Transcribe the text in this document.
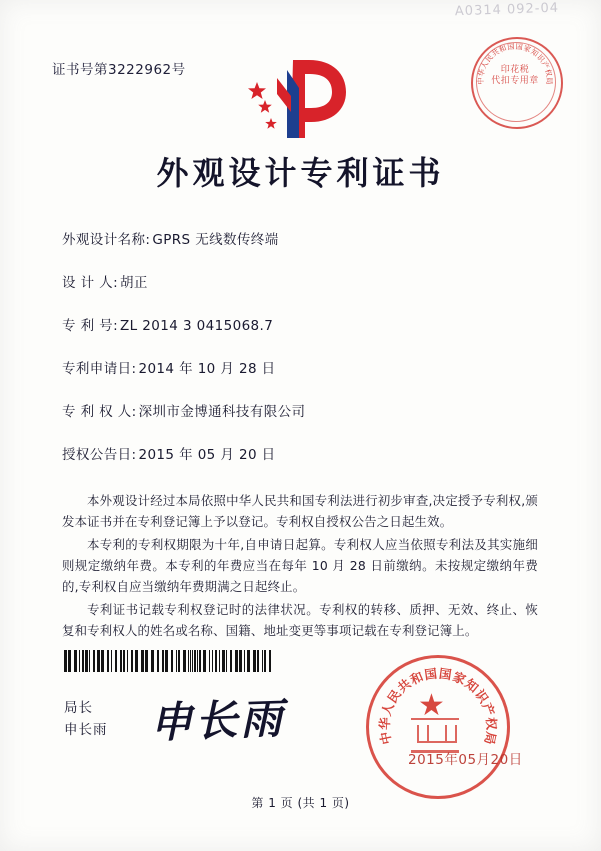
A0314 092-04
证书号第3222962号
中
华
人
民
共
和
国 国
家
知
识
产
权
局
印花税
代扣专用章
外观设计专利证书
外观设计名称: GPRS 无线数传终端
设 计 人: 胡正
专 利 号: ZL 2014 3 0415068.7
专利申请日: 2014 年 10 月 28 日
专 利 权 人: 深圳市金博通科技有限公司
授权公告日: 2015 年 05 月 20 日

本外观设计经过本局依照中华人民共和国专利法进行初步审查,决定授予专利权,颁发本证书并在专利登记簿上予以登记。专利权自授权公告之日起生效。

本专利的专利权期限为十年,自申请日起算。专利权人应当依照专利法及其实施细则规定缴纳年费。本专利的年费应当在每年 10 月 28 日前缴纳。未按规定缴纳年费的,专利权自应当缴纳年费期满之日起终止。

专利证书记载专利权登记时的法律状况。专利权的转移、质押、无效、终止、恢复和专利权人的姓名或名称、国籍、地址变更等事项记载在专利登记簿上。

局长
申长雨 申长雨	中
华
人
民
共
和
国 国
家
知
识
产
权
局
★
2015年05月20日
第 1 页 (共 1 页)
